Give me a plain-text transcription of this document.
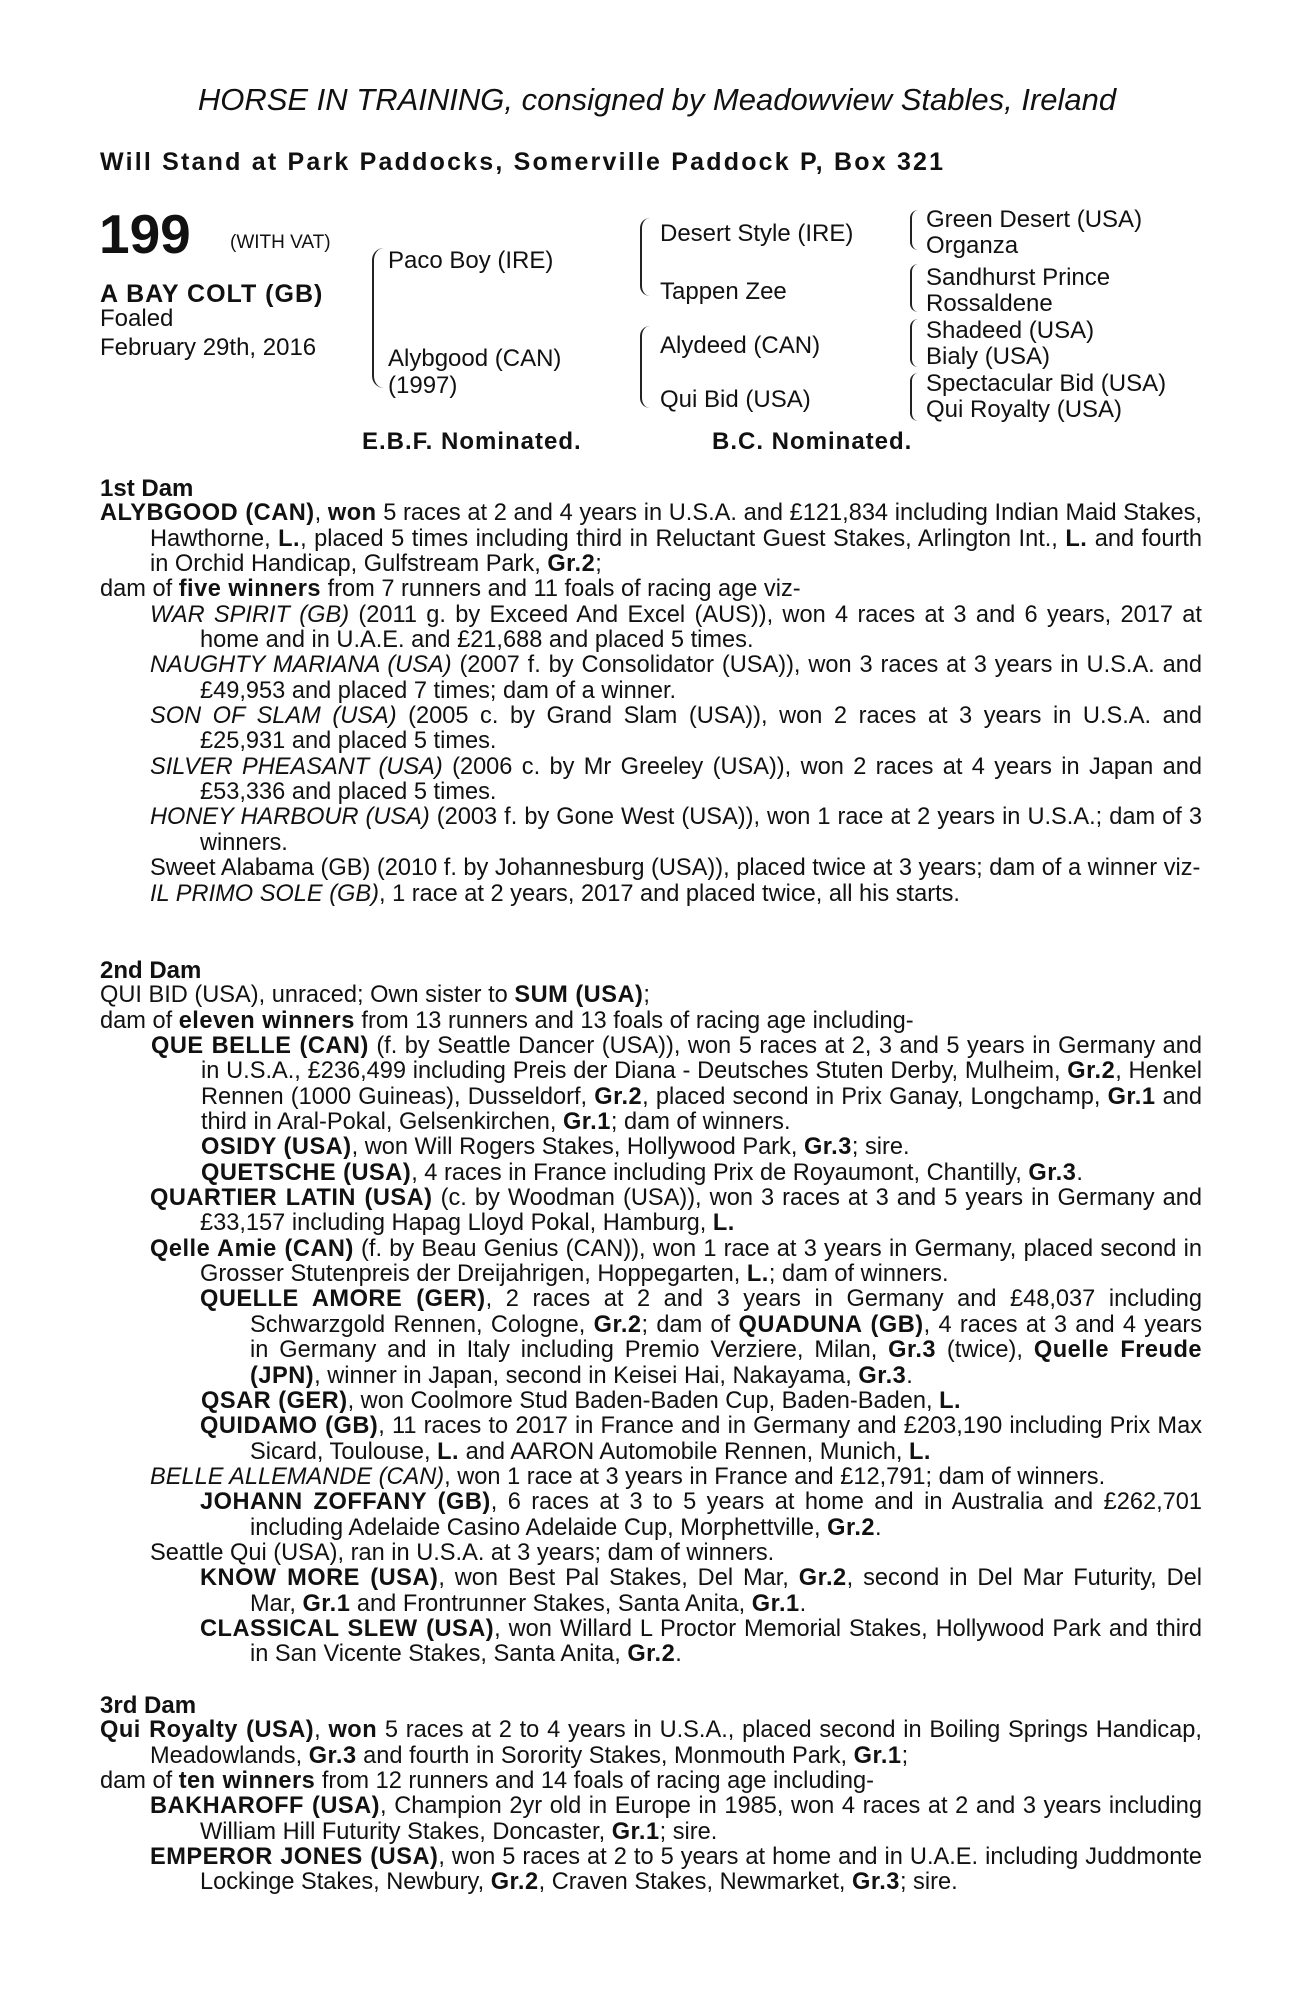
HORSE IN TRAINING, consigned by Meadowview Stables, Ireland
Will Stand at Park Paddocks, Somerville Paddock P, Box 321
199 (WITH VAT)
A BAY COLT (GB)
Foaled
February 29th, 2016
Paco Boy (IRE)
Alybgood (CAN)
(1997)
Desert Style (IRE)
Tappen Zee
Alydeed (CAN)
Qui Bid (USA)
Green Desert (USA)
Organza
Sandhurst Prince
Rossaldene
Shadeed (USA)
Bialy (USA)
Spectacular Bid (USA)
Qui Royalty (USA)
E.B.F. Nominated.	B.C. Nominated.
1st Dam
ALYBGOOD (CAN), won 5 races at 2 and 4 years in U.S.A. and £121,834 including Indian Maid Stakes, Hawthorne, L., placed 5 times including third in Reluctant Guest Stakes, Arlington Int., L. and fourth in Orchid Handicap, Gulfstream Park, Gr.2;
dam of five winners from 7 runners and 11 foals of racing age viz-
WAR SPIRIT (GB) (2011 g. by Exceed And Excel (AUS)), won 4 races at 3 and 6 years, 2017 at home and in U.A.E. and £21,688 and placed 5 times.
NAUGHTY MARIANA (USA) (2007 f. by Consolidator (USA)), won 3 races at 3 years in U.S.A. and £49,953 and placed 7 times; dam of a winner.
SON OF SLAM (USA) (2005 c. by Grand Slam (USA)), won 2 races at 3 years in U.S.A. and £25,931 and placed 5 times.
SILVER PHEASANT (USA) (2006 c. by Mr Greeley (USA)), won 2 races at 4 years in Japan and £53,336 and placed 5 times.
HONEY HARBOUR (USA) (2003 f. by Gone West (USA)), won 1 race at 2 years in U.S.A.; dam of 3 winners.
Sweet Alabama (GB) (2010 f. by Johannesburg (USA)), placed twice at 3 years; dam of a winner viz-
IL PRIMO SOLE (GB), 1 race at 2 years, 2017 and placed twice, all his starts.
2nd Dam
QUI BID (USA), unraced; Own sister to SUM (USA);
dam of eleven winners from 13 runners and 13 foals of racing age including-
QUE BELLE (CAN) (f. by Seattle Dancer (USA)), won 5 races at 2, 3 and 5 years in Germany and in U.S.A., £236,499 including Preis der Diana - Deutsches Stuten Derby, Mulheim, Gr.2, Henkel Rennen (1000 Guineas), Dusseldorf, Gr.2, placed second in Prix Ganay, Longchamp, Gr.1 and third in Aral-Pokal, Gelsenkirchen, Gr.1; dam of winners.
OSIDY (USA), won Will Rogers Stakes, Hollywood Park, Gr.3; sire.
QUETSCHE (USA), 4 races in France including Prix de Royaumont, Chantilly, Gr.3.
QUARTIER LATIN (USA) (c. by Woodman (USA)), won 3 races at 3 and 5 years in Germany and £33,157 including Hapag Lloyd Pokal, Hamburg, L.
Qelle Amie (CAN) (f. by Beau Genius (CAN)), won 1 race at 3 years in Germany, placed second in Grosser Stutenpreis der Dreijahrigen, Hoppegarten, L.; dam of winners.
QUELLE AMORE (GER), 2 races at 2 and 3 years in Germany and £48,037 including Schwarzgold Rennen, Cologne, Gr.2; dam of QUADUNA (GB), 4 races at 3 and 4 years in Germany and in Italy including Premio Verziere, Milan, Gr.3 (twice), Quelle Freude (JPN), winner in Japan, second in Keisei Hai, Nakayama, Gr.3.
QSAR (GER), won Coolmore Stud Baden-Baden Cup, Baden-Baden, L.
QUIDAMO (GB), 11 races to 2017 in France and in Germany and £203,190 including Prix Max Sicard, Toulouse, L. and AARON Automobile Rennen, Munich, L.
BELLE ALLEMANDE (CAN), won 1 race at 3 years in France and £12,791; dam of winners.
JOHANN ZOFFANY (GB), 6 races at 3 to 5 years at home and in Australia and £262,701 including Adelaide Casino Adelaide Cup, Morphettville, Gr.2.
Seattle Qui (USA), ran in U.S.A. at 3 years; dam of winners.
KNOW MORE (USA), won Best Pal Stakes, Del Mar, Gr.2, second in Del Mar Futurity, Del Mar, Gr.1 and Frontrunner Stakes, Santa Anita, Gr.1.
CLASSICAL SLEW (USA), won Willard L Proctor Memorial Stakes, Hollywood Park and third in San Vicente Stakes, Santa Anita, Gr.2.
3rd Dam
Qui Royalty (USA), won 5 races at 2 to 4 years in U.S.A., placed second in Boiling Springs Handicap, Meadowlands, Gr.3 and fourth in Sorority Stakes, Monmouth Park, Gr.1;
dam of ten winners from 12 runners and 14 foals of racing age including-
BAKHAROFF (USA), Champion 2yr old in Europe in 1985, won 4 races at 2 and 3 years including William Hill Futurity Stakes, Doncaster, Gr.1; sire.
EMPEROR JONES (USA), won 5 races at 2 to 5 years at home and in U.A.E. including Juddmonte Lockinge Stakes, Newbury, Gr.2, Craven Stakes, Newmarket, Gr.3; sire.
